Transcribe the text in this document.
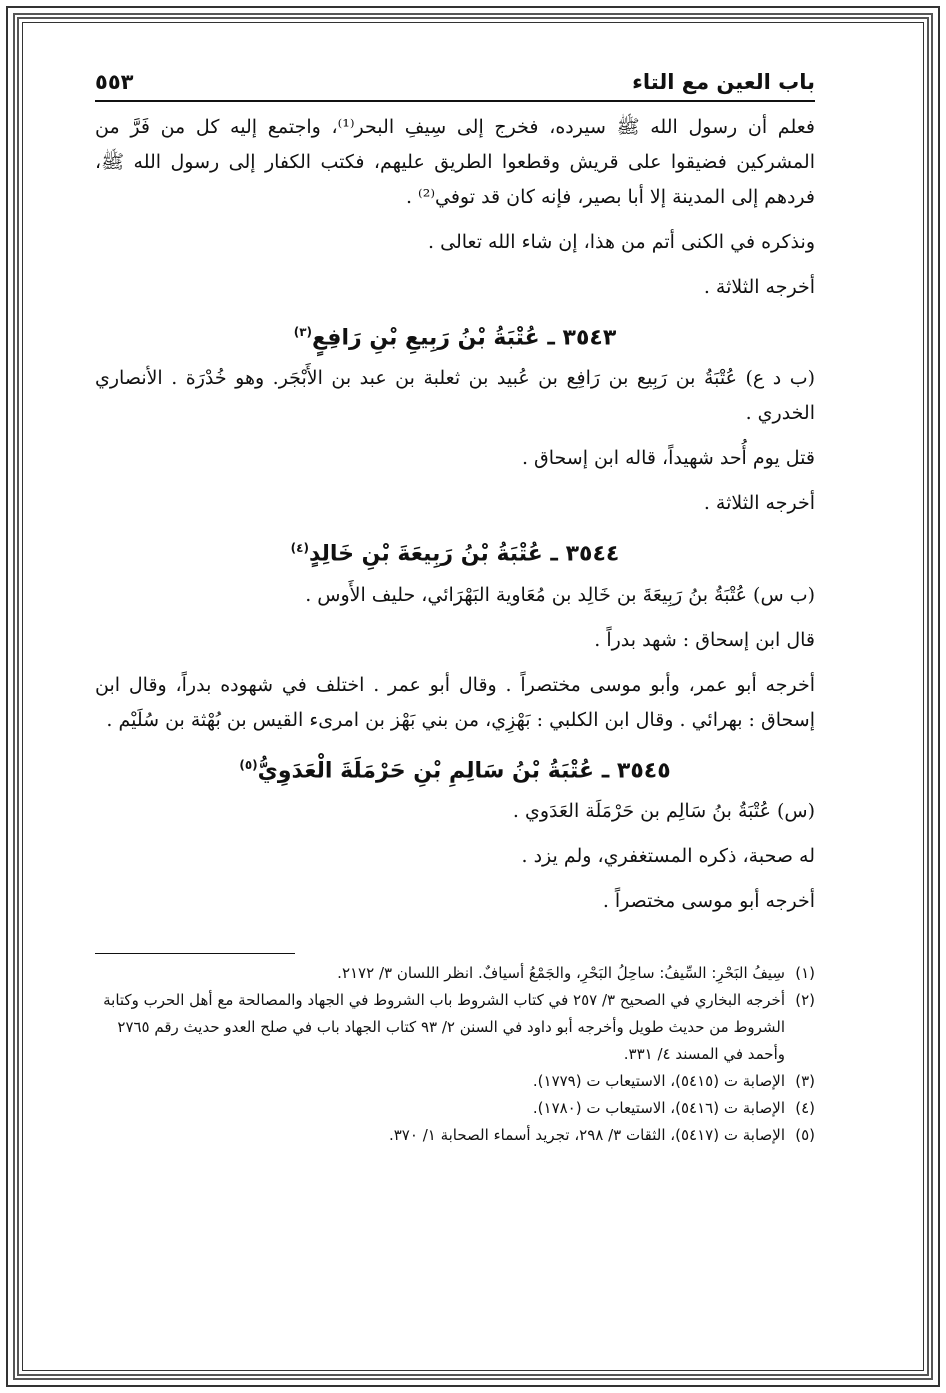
باب العين مع التاء
٥٥٣

فعلم أن رسول الله ﷺ سيرده، فخرج إلى سِيفِ البحر⁽¹⁾، واجتمع إليه كل من فَرَّ من المشركين فضيقوا على قريش وقطعوا الطريق عليهم، فكتب الكفار إلى رسول الله ﷺ، فردهم إلى المدينة إلا أبا بصير، فإنه كان قد توفي⁽²⁾ .

ونذكره في الكنى أتم من هذا، إن شاء الله تعالى .

أخرجه الثلاثة .

٣٥٤٣ ـ عُتْبَةُ بْنُ رَبِيعِ بْنِ رَافِعٍ$^{(٣)}$

(ب د ع) عُتْبَةُ بن رَبِيع بن رَافِع بن عُبيد بن ثعلبة بن عبد بن الأَبْجَر. وهو خُدْرَة . الأنصاري الخدري .

قتل يوم أُحد شهيداً، قاله ابن إسحاق .

أخرجه الثلاثة .

٣٥٤٤ ـ عُتْبَةُ بْنُ رَبِيعَةَ بْنِ خَالِدٍ$^{(٤)}$

(ب س) عُتْبَةُ بنُ رَبِيعَةَ بن خَالِد بن مُعَاوية البَهْرَائي، حليف الأَوس .

قال ابن إسحاق : شهد بدراً .

أخرجه أبو عمر، وأبو موسى مختصراً . وقال أبو عمر . اختلف في شهوده بدراً، وقال ابن إسحاق : بهرائي . وقال ابن الكلبي : بَهْزِي، من بني بَهْز بن امرىء القيس بن بُهْثة بن سُلَيْم .

٣٥٤٥ ـ عُتْبَةُ بْنُ سَالِمِ بْنِ حَرْمَلَةَ الْعَدَوِيُّ$^{(٥)}$

(س) عُتْبَةُ بنُ سَالِم بن حَرْمَلَة العَدَوي .

له صحبة، ذكره المستغفري، ولم يزد .

أخرجه أبو موسى مختصراً .

(١)
سِيفُ البَحْرِ: السِّيفُ: ساحِلُ البَحْرِ، والجَمْعُ أسيافٌ. انظر اللسان ٣/ ٢١٧٢.
(٢)
أخرجه البخاري في الصحيح ٣/ ٢٥٧ في كتاب الشروط باب الشروط في الجهاد والمصالحة مع أهل الحرب وكتابة الشروط من حديث طويل وأخرجه أبو داود في السنن ٢/ ٩٣ كتاب الجهاد باب في صلح العدو حديث رقم ٢٧٦٥ وأحمد في المسند ٤/ ٣٣١.
(٣)
الإصابة ت (٥٤١٥)، الاستيعاب ت (١٧٧٩).
(٤)
الإصابة ت (٥٤١٦)، الاستيعاب ت (١٧٨٠).
(٥)
الإصابة ت (٥٤١٧)، الثقات ٣/ ٢٩٨، تجريد أسماء الصحابة ١/ ٣٧٠.
